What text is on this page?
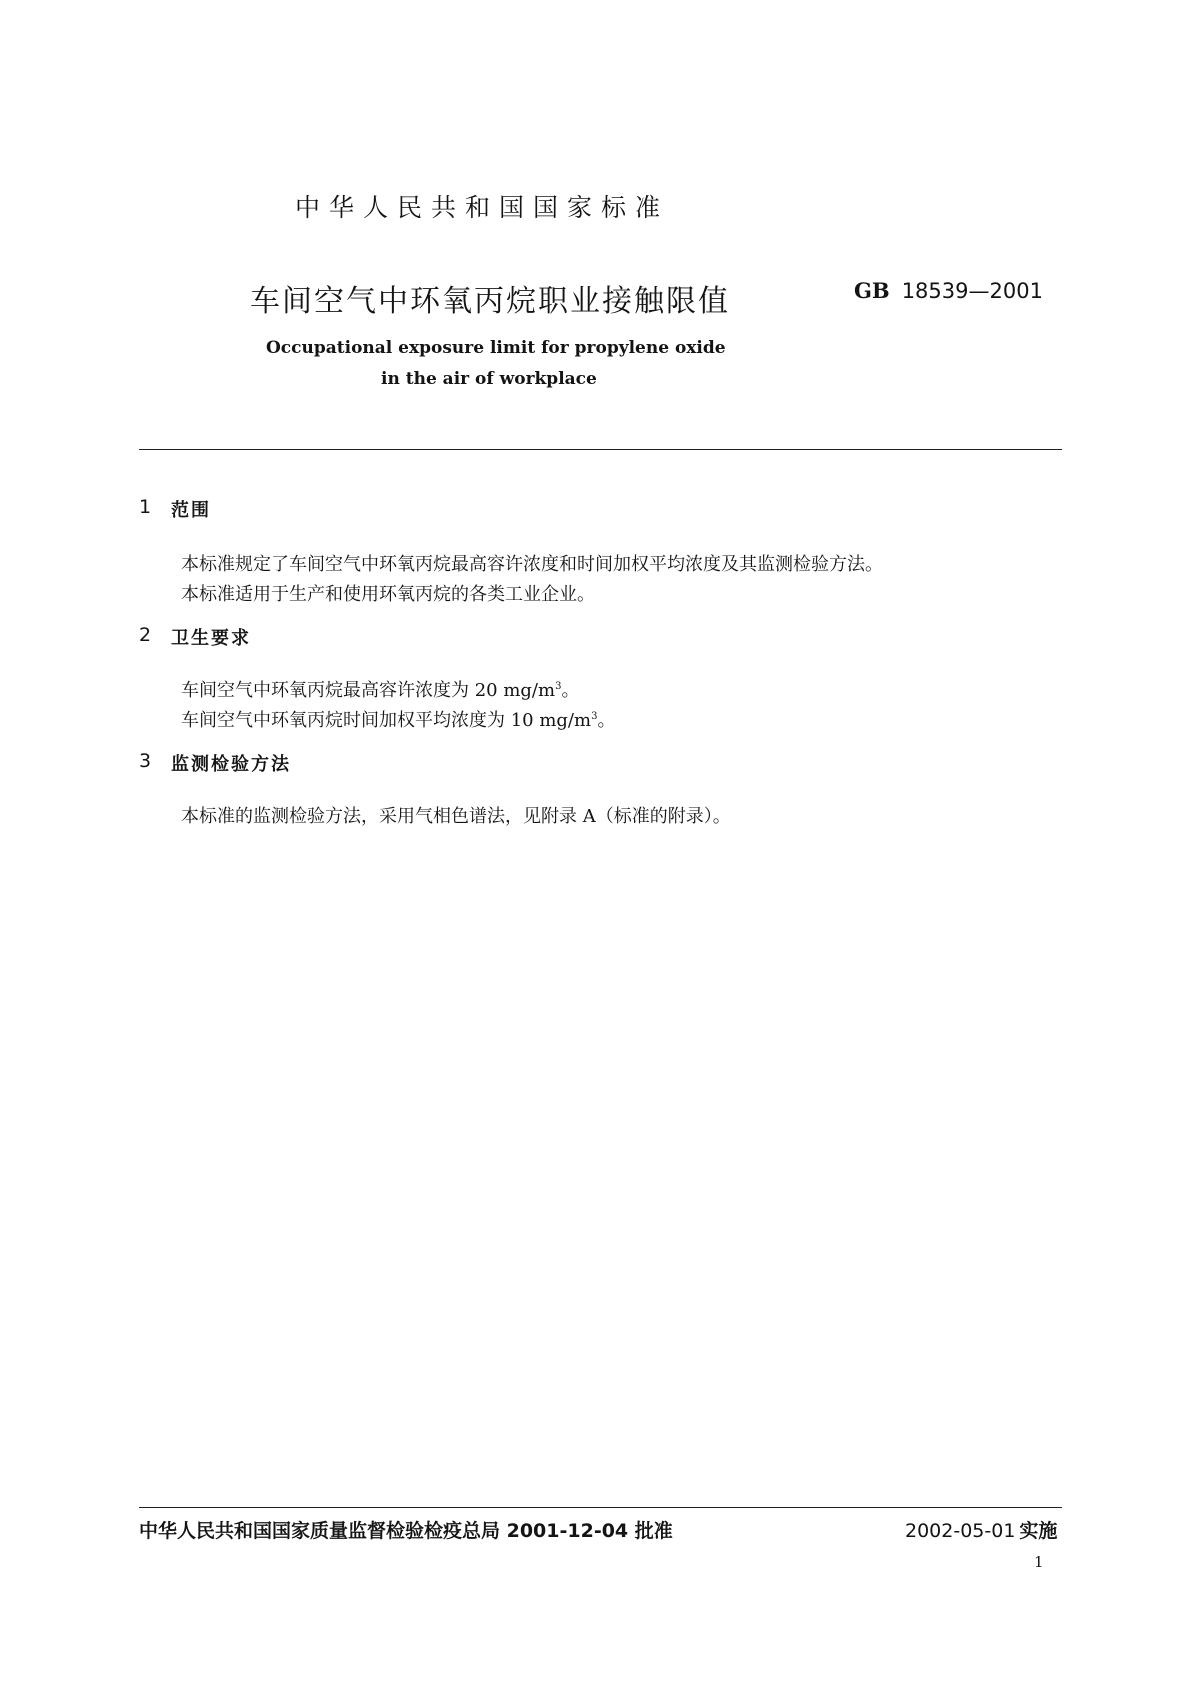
中华人民共和国国家标准
车间空气中环氧丙烷职业接触限值	GB 18539—2001
Occupational exposure limit for propylene oxide
in the air of workplace
1 范围
本标准规定了车间空气中环氧丙烷最高容许浓度和时间加权平均浓度及其监测检验方法。
本标准适用于生产和使用环氧丙烷的各类工业企业。
2 卫生要求
车间空气中环氧丙烷最高容许浓度为 20 $mg/m^3$。
车间空气中环氧丙烷时间加权平均浓度为 10 $mg/m^3$。
3 监测检验方法
本标准的监测检验方法，采用气相色谱法，见附录 A（标准的附录）。
中华人民共和国国家质量监督检验检疫总局 2001-12-04 批准	2002-05-01 实施
1
